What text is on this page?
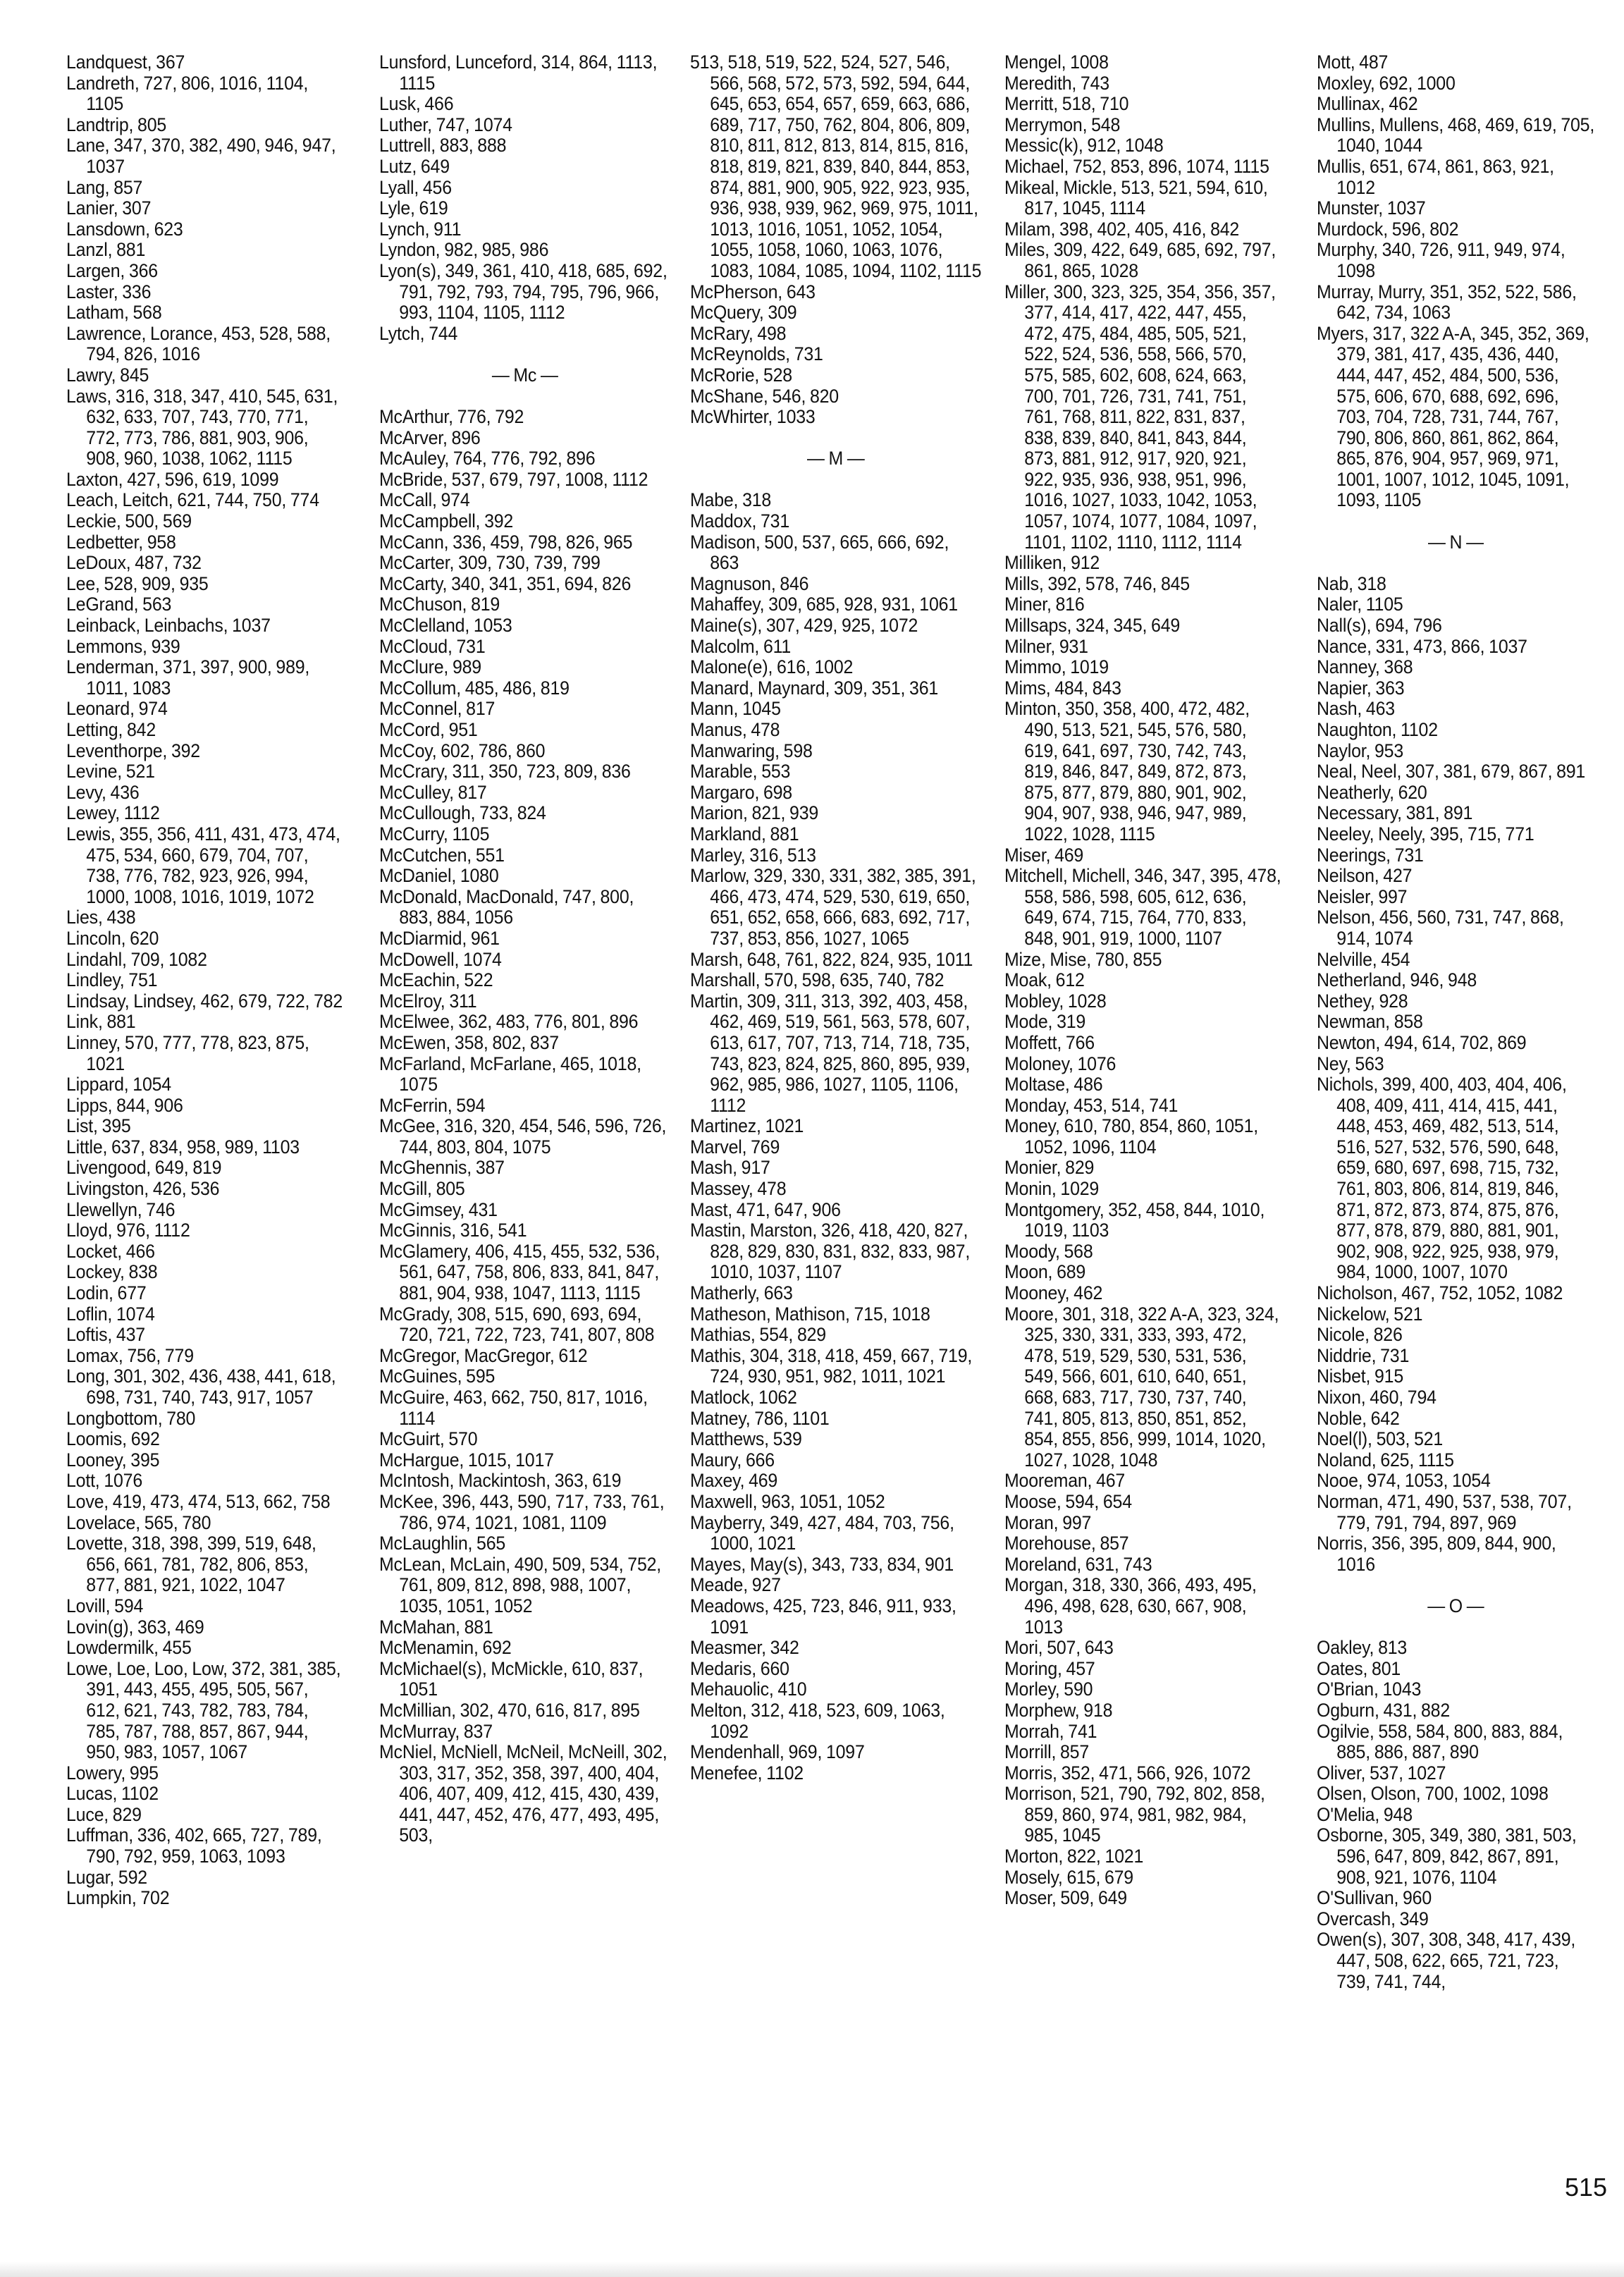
Landquest, 367
Landreth, 727, 806, 1016, 1104, 1105
Landtrip, 805
Lane, 347, 370, 382, 490, 946, 947, 1037
Lang, 857
Lanier, 307
Lansdown, 623
Lanzl, 881
Largen, 366
Laster, 336
Latham, 568
Lawrence, Lorance, 453, 528, 588, 794, 826, 1016
Lawry, 845
Laws, 316, 318, 347, 410, 545, 631, 632, 633, 707, 743, 770, 771, 772, 773, 786, 881, 903, 906, 908, 960, 1038, 1062, 1115
Laxton, 427, 596, 619, 1099
Leach, Leitch, 621, 744, 750, 774
Leckie, 500, 569
Ledbetter, 958
LeDoux, 487, 732
Lee, 528, 909, 935
LeGrand, 563
Leinback, Leinbachs, 1037
Lemmons, 939
Lenderman, 371, 397, 900, 989, 1011, 1083
Leonard, 974
Letting, 842
Leventhorpe, 392
Levine, 521
Levy, 436
Lewey, 1112
Lewis, 355, 356, 411, 431, 473, 474, 475, 534, 660, 679, 704, 707, 738, 776, 782, 923, 926, 994, 1000, 1008, 1016, 1019, 1072
Lies, 438
Lincoln, 620
Lindahl, 709, 1082
Lindley, 751
Lindsay, Lindsey, 462, 679, 722, 782
Link, 881
Linney, 570, 777, 778, 823, 875, 1021
Lippard, 1054
Lipps, 844, 906
List, 395
Little, 637, 834, 958, 989, 1103
Livengood, 649, 819
Livingston, 426, 536
Llewellyn, 746
Lloyd, 976, 1112
Locket, 466
Lockey, 838
Lodin, 677
Loflin, 1074
Loftis, 437
Lomax, 756, 779
Long, 301, 302, 436, 438, 441, 618, 698, 731, 740, 743, 917, 1057
Longbottom, 780
Loomis, 692
Looney, 395
Lott, 1076
Love, 419, 473, 474, 513, 662, 758
Lovelace, 565, 780
Lovette, 318, 398, 399, 519, 648, 656, 661, 781, 782, 806, 853, 877, 881, 921, 1022, 1047
Lovill, 594
Lovin(g), 363, 469
Lowdermilk, 455
Lowe, Loe, Loo, Low, 372, 381, 385, 391, 443, 455, 495, 505, 567, 612, 621, 743, 782, 783, 784, 785, 787, 788, 857, 867, 944, 950, 983, 1057, 1067
Lowery, 995
Lucas, 1102
Luce, 829
Luffman, 336, 402, 665, 727, 789, 790, 792, 959, 1063, 1093
Lugar, 592
Lumpkin, 702
Lunsford, Lunceford, 314, 864, 1113, 1115
Lusk, 466
Luther, 747, 1074
Luttrell, 883, 888
Lutz, 649
Lyall, 456
Lyle, 619
Lynch, 911
Lyndon, 982, 985, 986
Lyon(s), 349, 361, 410, 418, 685, 692, 791, 792, 793, 794, 795, 796, 966, 993, 1104, 1105, 1112
Lytch, 744
— Mc —
McArthur, 776, 792
McArver, 896
McAuley, 764, 776, 792, 896
McBride, 537, 679, 797, 1008, 1112
McCall, 974
McCampbell, 392
McCann, 336, 459, 798, 826, 965
McCarter, 309, 730, 739, 799
McCarty, 340, 341, 351, 694, 826
McChuson, 819
McClelland, 1053
McCloud, 731
McClure, 989
McCollum, 485, 486, 819
McConnel, 817
McCord, 951
McCoy, 602, 786, 860
McCrary, 311, 350, 723, 809, 836
McCulley, 817
McCullough, 733, 824
McCurry, 1105
McCutchen, 551
McDaniel, 1080
McDonald, MacDonald, 747, 800, 883, 884, 1056
McDiarmid, 961
McDowell, 1074
McEachin, 522
McElroy, 311
McElwee, 362, 483, 776, 801, 896
McEwen, 358, 802, 837
McFarland, McFarlane, 465, 1018, 1075
McFerrin, 594
McGee, 316, 320, 454, 546, 596, 726, 744, 803, 804, 1075
McGhennis, 387
McGill, 805
McGimsey, 431
McGinnis, 316, 541
McGlamery, 406, 415, 455, 532, 536, 561, 647, 758, 806, 833, 841, 847, 881, 904, 938, 1047, 1113, 1115
McGrady, 308, 515, 690, 693, 694, 720, 721, 722, 723, 741, 807, 808
McGregor, MacGregor, 612
McGuines, 595
McGuire, 463, 662, 750, 817, 1016, 1114
McGuirt, 570
McHargue, 1015, 1017
McIntosh, Mackintosh, 363, 619
McKee, 396, 443, 590, 717, 733, 761, 786, 974, 1021, 1081, 1109
McLaughlin, 565
McLean, McLain, 490, 509, 534, 752, 761, 809, 812, 898, 988, 1007, 1035, 1051, 1052
McMahan, 881
McMenamin, 692
McMichael(s), McMickle, 610, 837, 1051
McMillian, 302, 470, 616, 817, 895
McMurray, 837
McNiel, McNiell, McNeil, McNeill, 302, 303, 317, 352, 358, 397, 400, 404, 406, 407, 409, 412, 415, 430, 439, 441, 447, 452, 476, 477, 493, 495, 503,
513, 518, 519, 522, 524, 527, 546, 566, 568, 572, 573, 592, 594, 644, 645, 653, 654, 657, 659, 663, 686, 689, 717, 750, 762, 804, 806, 809, 810, 811, 812, 813, 814, 815, 816, 818, 819, 821, 839, 840, 844, 853, 874, 881, 900, 905, 922, 923, 935, 936, 938, 939, 962, 969, 975, 1011, 1013, 1016, 1051, 1052, 1054, 1055, 1058, 1060, 1063, 1076, 1083, 1084, 1085, 1094, 1102, 1115
McPherson, 643
McQuery, 309
McRary, 498
McReynolds, 731
McRorie, 528
McShane, 546, 820
McWhirter, 1033
— M —
Mabe, 318
Maddox, 731
Madison, 500, 537, 665, 666, 692, 863
Magnuson, 846
Mahaffey, 309, 685, 928, 931, 1061
Maine(s), 307, 429, 925, 1072
Malcolm, 611
Malone(e), 616, 1002
Manard, Maynard, 309, 351, 361
Mann, 1045
Manus, 478
Manwaring, 598
Marable, 553
Margaro, 698
Marion, 821, 939
Markland, 881
Marley, 316, 513
Marlow, 329, 330, 331, 382, 385, 391, 466, 473, 474, 529, 530, 619, 650, 651, 652, 658, 666, 683, 692, 717, 737, 853, 856, 1027, 1065
Marsh, 648, 761, 822, 824, 935, 1011
Marshall, 570, 598, 635, 740, 782
Martin, 309, 311, 313, 392, 403, 458, 462, 469, 519, 561, 563, 578, 607, 613, 617, 707, 713, 714, 718, 735, 743, 823, 824, 825, 860, 895, 939, 962, 985, 986, 1027, 1105, 1106, 1112
Martinez, 1021
Marvel, 769
Mash, 917
Massey, 478
Mast, 471, 647, 906
Mastin, Marston, 326, 418, 420, 827, 828, 829, 830, 831, 832, 833, 987, 1010, 1037, 1107
Matherly, 663
Matheson, Mathison, 715, 1018
Mathias, 554, 829
Mathis, 304, 318, 418, 459, 667, 719, 724, 930, 951, 982, 1011, 1021
Matlock, 1062
Matney, 786, 1101
Matthews, 539
Maury, 666
Maxey, 469
Maxwell, 963, 1051, 1052
Mayberry, 349, 427, 484, 703, 756, 1000, 1021
Mayes, May(s), 343, 733, 834, 901
Meade, 927
Meadows, 425, 723, 846, 911, 933, 1091
Measmer, 342
Medaris, 660
Mehauolic, 410
Melton, 312, 418, 523, 609, 1063, 1092
Mendenhall, 969, 1097
Menefee, 1102
Mengel, 1008
Meredith, 743
Merritt, 518, 710
Merrymon, 548
Messic(k), 912, 1048
Michael, 752, 853, 896, 1074, 1115
Mikeal, Mickle, 513, 521, 594, 610, 817, 1045, 1114
Milam, 398, 402, 405, 416, 842
Miles, 309, 422, 649, 685, 692, 797, 861, 865, 1028
Miller, 300, 323, 325, 354, 356, 357, 377, 414, 417, 422, 447, 455, 472, 475, 484, 485, 505, 521, 522, 524, 536, 558, 566, 570, 575, 585, 602, 608, 624, 663, 700, 701, 726, 731, 741, 751, 761, 768, 811, 822, 831, 837, 838, 839, 840, 841, 843, 844, 873, 881, 912, 917, 920, 921, 922, 935, 936, 938, 951, 996, 1016, 1027, 1033, 1042, 1053, 1057, 1074, 1077, 1084, 1097, 1101, 1102, 1110, 1112, 1114
Milliken, 912
Mills, 392, 578, 746, 845
Miner, 816
Millsaps, 324, 345, 649
Milner, 931
Mimmo, 1019
Mims, 484, 843
Minton, 350, 358, 400, 472, 482, 490, 513, 521, 545, 576, 580, 619, 641, 697, 730, 742, 743, 819, 846, 847, 849, 872, 873, 875, 877, 879, 880, 901, 902, 904, 907, 938, 946, 947, 989, 1022, 1028, 1115
Miser, 469
Mitchell, Michell, 346, 347, 395, 478, 558, 586, 598, 605, 612, 636, 649, 674, 715, 764, 770, 833, 848, 901, 919, 1000, 1107
Mize, Mise, 780, 855
Moak, 612
Mobley, 1028
Mode, 319
Moffett, 766
Moloney, 1076
Moltase, 486
Monday, 453, 514, 741
Money, 610, 780, 854, 860, 1051, 1052, 1096, 1104
Monier, 829
Monin, 1029
Montgomery, 352, 458, 844, 1010, 1019, 1103
Moody, 568
Moon, 689
Mooney, 462
Moore, 301, 318, 322 A-A, 323, 324, 325, 330, 331, 333, 393, 472, 478, 519, 529, 530, 531, 536, 549, 566, 601, 610, 640, 651, 668, 683, 717, 730, 737, 740, 741, 805, 813, 850, 851, 852, 854, 855, 856, 999, 1014, 1020, 1027, 1028, 1048
Mooreman, 467
Moose, 594, 654
Moran, 997
Morehouse, 857
Moreland, 631, 743
Morgan, 318, 330, 366, 493, 495, 496, 498, 628, 630, 667, 908, 1013
Mori, 507, 643
Moring, 457
Morley, 590
Morphew, 918
Morrah, 741
Morrill, 857
Morris, 352, 471, 566, 926, 1072
Morrison, 521, 790, 792, 802, 858, 859, 860, 974, 981, 982, 984, 985, 1045
Morton, 822, 1021
Mosely, 615, 679
Moser, 509, 649
Mott, 487
Moxley, 692, 1000
Mullinax, 462
Mullins, Mullens, 468, 469, 619, 705, 1040, 1044
Mullis, 651, 674, 861, 863, 921, 1012
Munster, 1037
Murdock, 596, 802
Murphy, 340, 726, 911, 949, 974, 1098
Murray, Murry, 351, 352, 522, 586, 642, 734, 1063
Myers, 317, 322 A-A, 345, 352, 369, 379, 381, 417, 435, 436, 440, 444, 447, 452, 484, 500, 536, 575, 606, 670, 688, 692, 696, 703, 704, 728, 731, 744, 767, 790, 806, 860, 861, 862, 864, 865, 876, 904, 957, 969, 971, 1001, 1007, 1012, 1045, 1091, 1093, 1105
— N —
Nab, 318
Naler, 1105
Nall(s), 694, 796
Nance, 331, 473, 866, 1037
Nanney, 368
Napier, 363
Nash, 463
Naughton, 1102
Naylor, 953
Neal, Neel, 307, 381, 679, 867, 891
Neatherly, 620
Necessary, 381, 891
Neeley, Neely, 395, 715, 771
Neerings, 731
Neilson, 427
Neisler, 997
Nelson, 456, 560, 731, 747, 868, 914, 1074
Nelville, 454
Netherland, 946, 948
Nethey, 928
Newman, 858
Newton, 494, 614, 702, 869
Ney, 563
Nichols, 399, 400, 403, 404, 406, 408, 409, 411, 414, 415, 441, 448, 453, 469, 482, 513, 514, 516, 527, 532, 576, 590, 648, 659, 680, 697, 698, 715, 732, 761, 803, 806, 814, 819, 846, 871, 872, 873, 874, 875, 876, 877, 878, 879, 880, 881, 901, 902, 908, 922, 925, 938, 979, 984, 1000, 1007, 1070
Nicholson, 467, 752, 1052, 1082
Nickelow, 521
Nicole, 826
Niddrie, 731
Nisbet, 915
Nixon, 460, 794
Noble, 642
Noel(l), 503, 521
Noland, 625, 1115
Nooe, 974, 1053, 1054
Norman, 471, 490, 537, 538, 707, 779, 791, 794, 897, 969
Norris, 356, 395, 809, 844, 900, 1016
— O —
Oakley, 813
Oates, 801
O'Brian, 1043
Ogburn, 431, 882
Ogilvie, 558, 584, 800, 883, 884, 885, 886, 887, 890
Oliver, 537, 1027
Olsen, Olson, 700, 1002, 1098
O'Melia, 948
Osborne, 305, 349, 380, 381, 503, 596, 647, 809, 842, 867, 891, 908, 921, 1076, 1104
O'Sullivan, 960
Overcash, 349
Owen(s), 307, 308, 348, 417, 439, 447, 508, 622, 665, 721, 723, 739, 741, 744,
515
